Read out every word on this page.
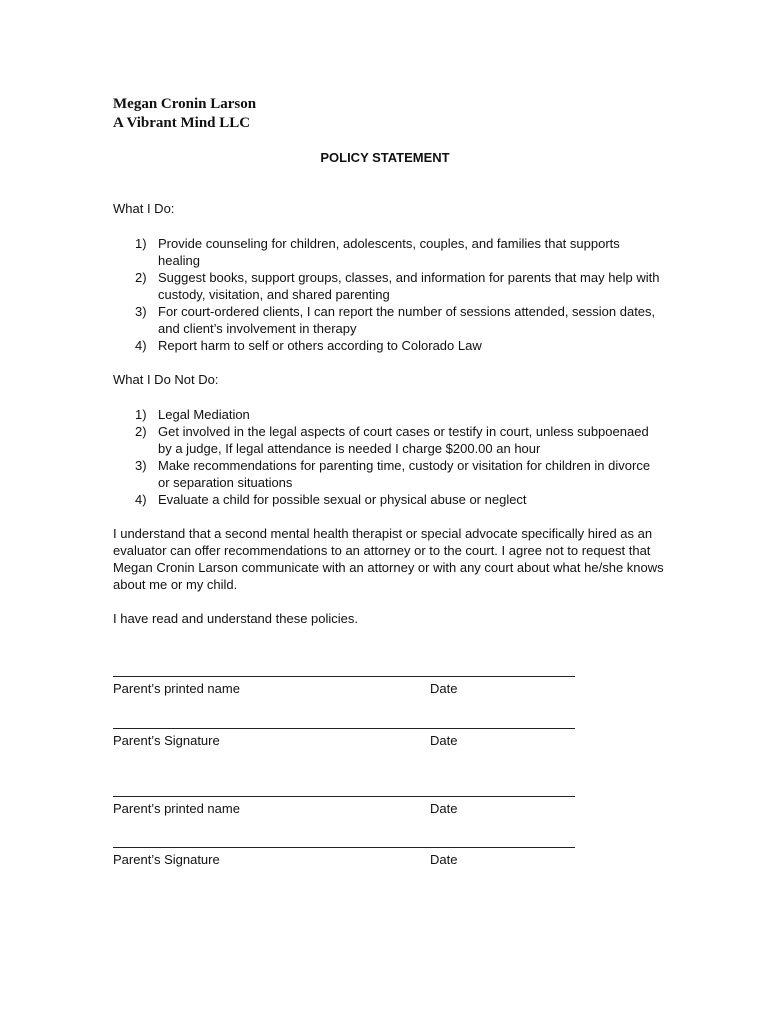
Megan Cronin Larson
A Vibrant Mind LLC
POLICY STATEMENT
What I Do:
1) Provide counseling for children, adolescents, couples, and families that supports healing
2) Suggest books, support groups, classes, and information for parents that may help with custody, visitation, and shared parenting
3) For court-ordered clients, I can report the number of sessions attended, session dates, and client’s involvement in therapy
4) Report harm to self or others according to Colorado Law
What I Do Not Do:
1) Legal Mediation
2) Get involved in the legal aspects of court cases or testify in court, unless subpoenaed by a judge, If legal attendance is needed I charge $200.00 an hour
3) Make recommendations for parenting time, custody or visitation for children in divorce or separation situations
4) Evaluate a child for possible sexual or physical abuse or neglect
I understand that a second mental health therapist or special advocate specifically hired as an evaluator can offer recommendations to an attorney or to the court. I agree not to request that Megan Cronin Larson communicate with an attorney or with any court about what he/she knows about me or my child.
I have read and understand these policies.
Parent’s printed name	Date
Parent’s Signature	Date
Parent’s printed name	Date
Parent’s Signature	Date
